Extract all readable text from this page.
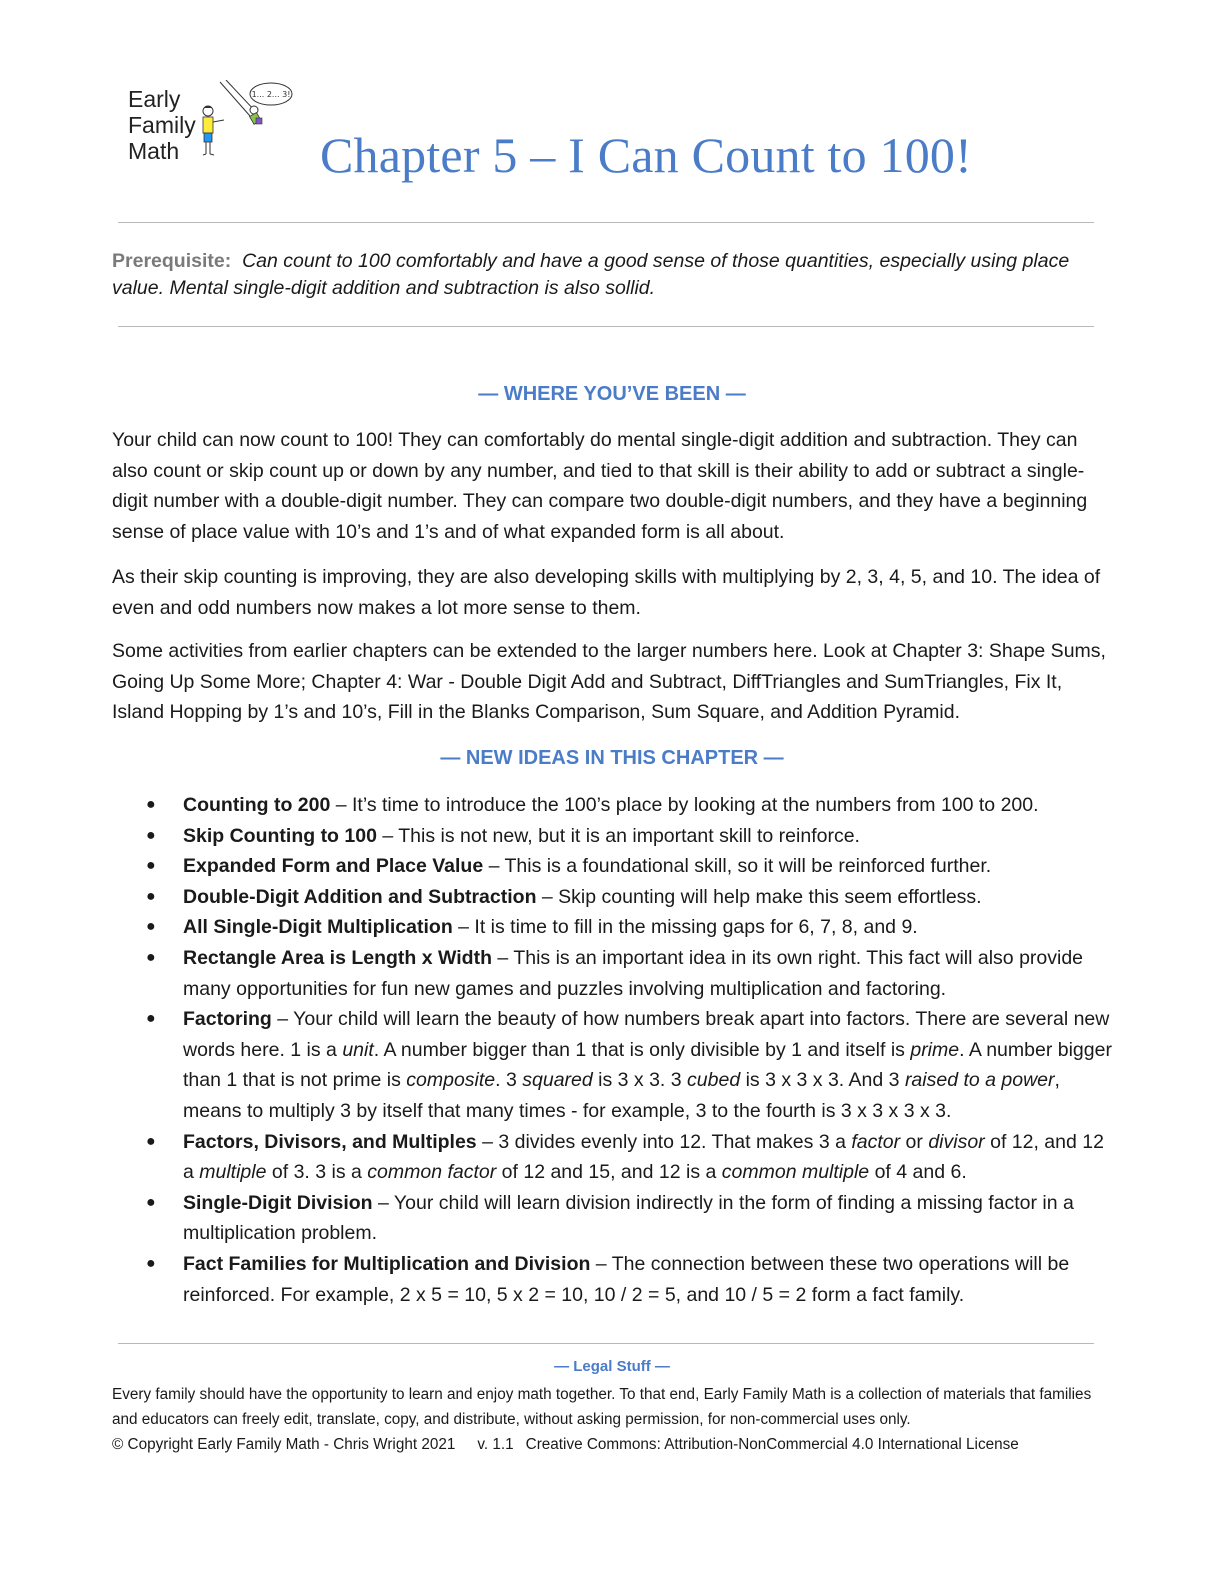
Early
Family
Math
1... 2... 3!
Chapter 5 – I Can Count to 100!
Prerequisite: Can count to 100 comfortably and have a good sense of those quantities, especially using place value. Mental single-digit addition and subtraction is also sollid.
— WHERE YOU’VE BEEN —

Your child can now count to 100! They can comfortably do mental single-digit addition and subtraction. They can also count or skip count up or down by any number, and tied to that skill is their ability to add or subtract a single-digit number with a double-digit number. They can compare two double-digit numbers, and they have a beginning sense of place value with 10’s and 1’s and of what expanded form is all about.

As their skip counting is improving, they are also developing skills with multiplying by 2, 3, 4, 5, and 10. The idea of even and odd numbers now makes a lot more sense to them.

Some activities from earlier chapters can be extended to the larger numbers here. Look at Chapter 3: Shape Sums, Going Up Some More; Chapter 4: War - Double Digit Add and Subtract, DiffTriangles and SumTriangles, Fix It, Island Hopping by 1’s and 10’s, Fill in the Blanks Comparison, Sum Square, and Addition Pyramid.

— NEW IDEAS IN THIS CHAPTER —
● Counting to 200 – It’s time to introduce the 100’s place by looking at the numbers from 100 to 200.
● Skip Counting to 100 – This is not new, but it is an important skill to reinforce.
● Expanded Form and Place Value – This is a foundational skill, so it will be reinforced further.
● Double-Digit Addition and Subtraction – Skip counting will help make this seem effortless.
● All Single-Digit Multiplication – It is time to fill in the missing gaps for 6, 7, 8, and 9.
● Rectangle Area is Length x Width – This is an important idea in its own right. This fact will also provide many opportunities for fun new games and puzzles involving multiplication and factoring.
● Factoring – Your child will learn the beauty of how numbers break apart into factors. There are several new words here. 1 is a unit. A number bigger than 1 that is only divisible by 1 and itself is prime. A number bigger than 1 that is not prime is composite. 3 squared is 3 x 3. 3 cubed is 3 x 3 x 3. And 3 raised to a power, means to multiply 3 by itself that many times - for example, 3 to the fourth is 3 x 3 x 3 x 3.
● Factors, Divisors, and Multiples – 3 divides evenly into 12. That makes 3 a factor or divisor of 12, and 12 a multiple of 3. 3 is a common factor of 12 and 15, and 12 is a common multiple of 4 and 6.
● Single-Digit Division – Your child will learn division indirectly in the form of finding a missing factor in a multiplication problem.
● Fact Families for Multiplication and Division – The connection between these two operations will be reinforced. For example, 2 x 5 = 10, 5 x 2 = 10, 10 / 2 = 5, and 10 / 5 = 2 form a fact family.
— Legal Stuff —
Every family should have the opportunity to learn and enjoy math together. To that end, Early Family Math is a collection of materials that families and educators can freely edit, translate, copy, and distribute, without asking permission, for non-commercial uses only.
© Copyright Early Family Math - Chris Wright 2021 v. 1.1 Creative Commons: Attribution-NonCommercial 4.0 International License
